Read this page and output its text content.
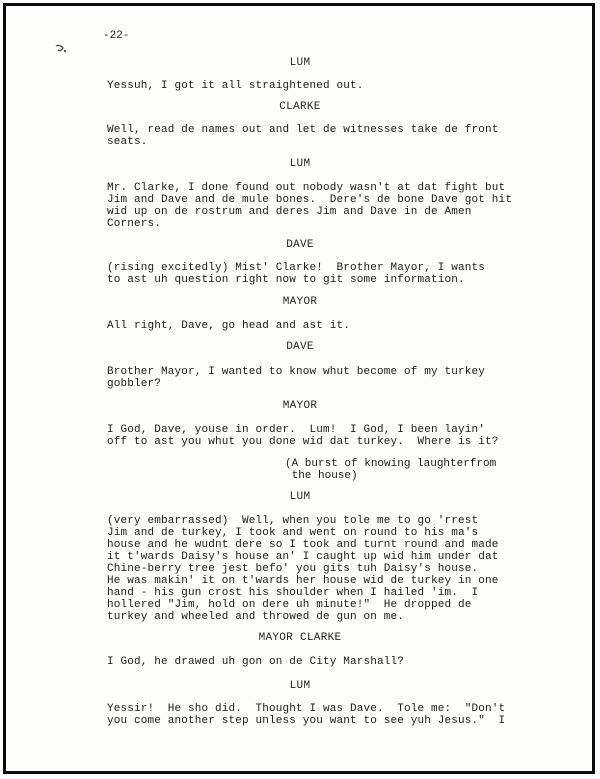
-22-
LUM
Yessuh, I got it all straightened out.
CLARKE
Well, read de names out and let de witnesses take de front
seats.
LUM
Mr. Clarke, I done found out nobody wasn't at dat fight but
Jim and Dave and de mule bones.  Dere's de bone Dave got hit
wid up on de rostrum and deres Jim and Dave in de Amen
Corners.
DAVE
(rising excitedly) Mist' Clarke!  Brother Mayor, I wants
to ast uh question right now to git some information.
MAYOR
All right, Dave, go head and ast it.
DAVE
Brother Mayor, I wanted to know whut become of my turkey
gobbler?
MAYOR
I God, Dave, youse in order.  Lum!  I God, I been layin'
off to ast you whut you done wid dat turkey.  Where is it?
(A burst of knowing laughterfrom
the house)
LUM
(very embarrassed)  Well, when you tole me to go 'rrest
Jim and de turkey, I took and went on round to his ma's
house and he wudnt dere so I took and turnt round and made
it t'wards Daisy's house an' I caught up wid him under dat
Chine-berry tree jest befo' you gits tuh Daisy's house.
He was makin' it on t'wards her house wid de turkey in one
hand - his gun crost his shoulder when I hailed 'im.  I
hollered "Jim, hold on dere uh minute!"  He dropped de
turkey and wheeled and throwed de gun on me.
MAYOR CLARKE
I God, he drawed uh gon on de City Marshall?
LUM
Yessir!  He sho did.  Thought I was Dave.  Tole me:  "Don't
you come another step unless you want to see yuh Jesus."  I
